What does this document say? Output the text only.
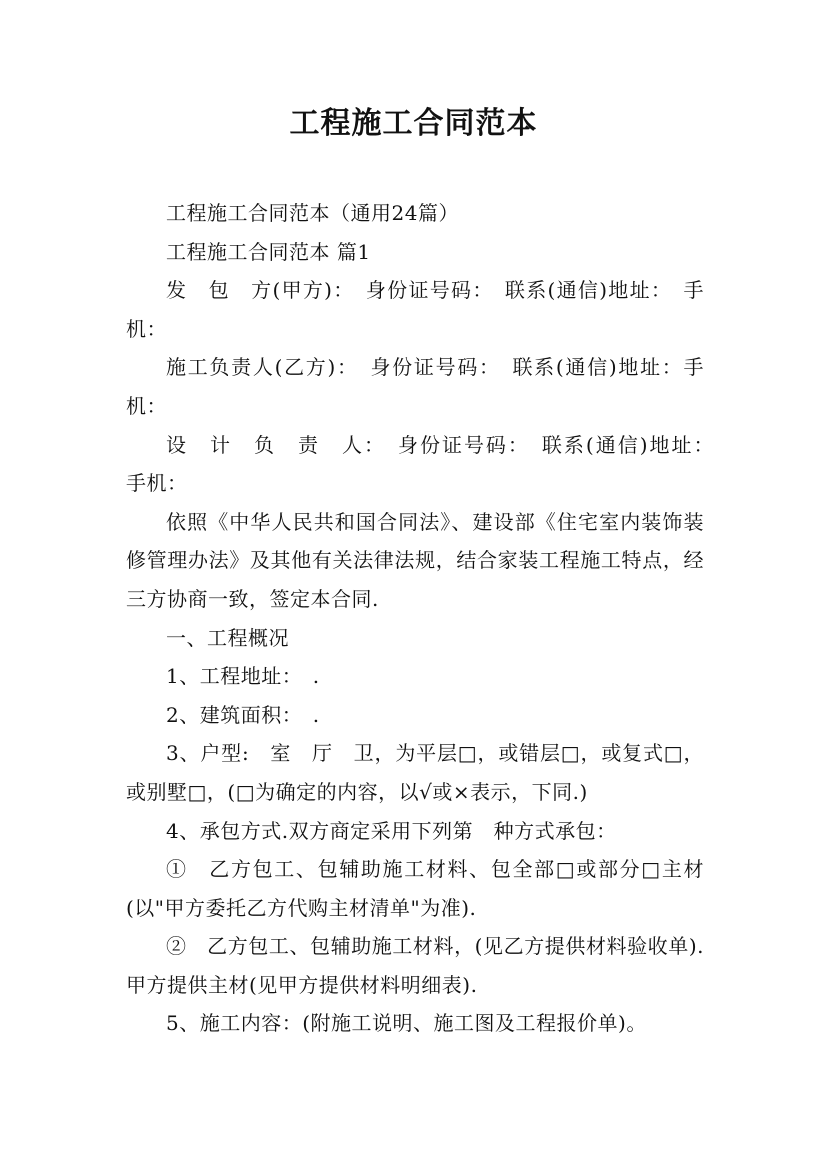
工程施工合同范本

工程施工合同范本（通用24篇）

工程施工合同范本 篇1

发　包　方(甲方)：　身份证号码：　联系(通信)地址：　手机：

施工负责人(乙方)：　身份证号码：　联系(通信)地址：手机：

设　计　负　责　人：　身份证号码：　联系(通信)地址：　手机：

依照《中华人民共和国合同法》、建设部《住宅室内装饰装修管理办法》及其他有关法律法规，结合家装工程施工特点，经三方协商一致，签定本合同.

一、工程概况

1、工程地址：　.

2、建筑面积：　.

3、户型:　室　厅　卫，为平层□，或错层□，或复式□，或别墅□，(□为确定的内容，以√或×表示，下同.)

4、承包方式.双方商定采用下列第　种方式承包：

①　乙方包工、包辅助施工材料、包全部□或部分□主材(以"甲方委托乙方代购主材清单"为准).

②　乙方包工、包辅助施工材料，(见乙方提供材料验收单).甲方提供主材(见甲方提供材料明细表).

5、施工内容：(附施工说明、施工图及工程报价单)。
